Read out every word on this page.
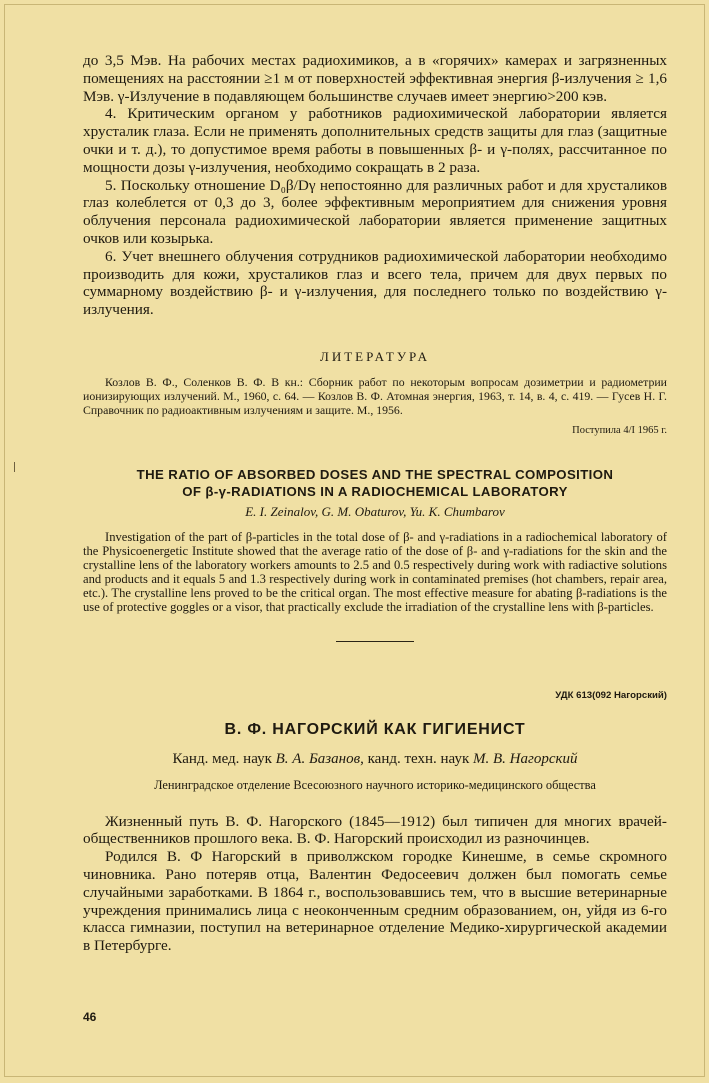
до 3,5 Мэв. На рабочих местах радиохимиков, а в «горячих» камерах и загрязненных помещениях на расстоянии ≥1 м от поверхностей эффективная энергия β-излучения ≥ 1,6 Мэв. γ-Излучение в подавляющем большинстве случаев имеет энергию>200 кэв.

4. Критическим органом у работников радиохимической лаборатории является хрусталик глаза. Если не применять дополнительных средств защиты для глаз (защитные очки и т. д.), то допустимое время работы в повышенных β- и γ-полях, рассчитанное по мощности дозы γ-излучения, необходимо сокращать в 2 раза.

5. Поскольку отношение D₀β/Dγ непостоянно для различных работ и для хрусталиков глаз колеблется от 0,3 до 3, более эффективным мероприятием для снижения уровня облучения персонала радиохимической лаборатории является применение защитных очков или козырька.

6. Учет внешнего облучения сотрудников радиохимической лаборатории необходимо производить для кожи, хрусталиков глаз и всего тела, причем для двух первых по суммарному воздействию β- и γ-излучения, для последнего только по воздействию γ-излучения.

ЛИТЕРАТУРА

Козлов В. Ф., Соленков В. Ф. В кн.: Сборник работ по некоторым вопросам дозиметрии и радиометрии ионизирующих излучений. М., 1960, с. 64. — Козлов В. Ф. Атомная энергия, 1963, т. 14, в. 4, с. 419. — Гусев Н. Г. Справочник по радиоактивным излучениям и защите. М., 1956.

Поступила 4/I 1965 г.

THE RATIO OF ABSORBED DOSES AND THE SPECTRAL COMPOSITION
OF β-γ-RADIATIONS IN A RADIOCHEMICAL LABORATORY
E. I. Zeinalov, G. M. Obaturov, Yu. K. Chumbarov

Investigation of the part of β-particles in the total dose of β- and γ-radiations in a radiochemical laboratory of the Physicoenergetic Institute showed that the average ratio of the dose of β- and γ-radiations for the skin and the crystalline lens of the laboratory workers amounts to 2.5 and 0.5 respectively during work with radiactive solutions and products and it equals 5 and 1.3 respectively during work in contaminated premises (hot chambers, repair area, etc.). The crystalline lens proved to be the critical organ. The most effective measure for abating β-radiations is the use of protective goggles or a visor, that practically exclude the irradiation of the crystalline lens with β-particles.

УДК 613(092 Нагорский)
В. Ф. НАГОРСКИЙ КАК ГИГИЕНИСТ
Канд. мед. наук В. А. Базанов, канд. техн. наук М. В. Нагорский
Ленинградское отделение Всесоюзного научного историко-медицинского общества

Жизненный путь В. Ф. Нагорского (1845—1912) был типичен для многих врачей-общественников прошлого века. В. Ф. Нагорский происходил из разночинцев.

Родился В. Ф Нагорский в приволжском городке Кинешме, в семье скромного чиновника. Рано потеряв отца, Валентин Федосеевич должен был помогать семье случайными заработками. В 1864 г., воспользовавшись тем, что в высшие ветеринарные учреждения принимались лица с неоконченным средним образованием, он, уйдя из 6-го класса гимназии, поступил на ветеринарное отделение Медико-хирургической академии в Петербурге.

46
